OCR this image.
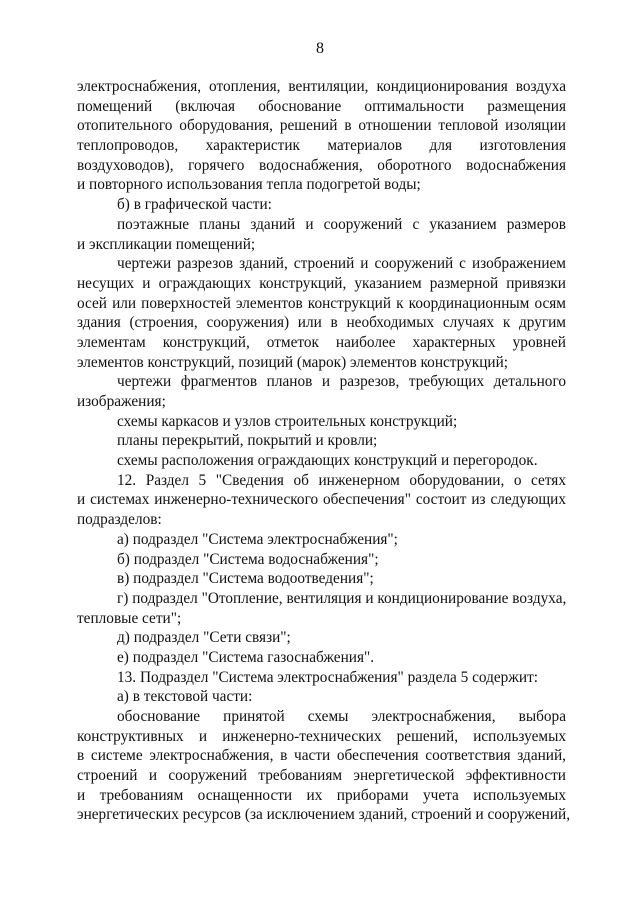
8
электроснабжения, отопления, вентиляции, кондиционирования воздуха
помещений (включая обоснование оптимальности размещения
отопительного оборудования, решений в отношении тепловой изоляции
теплопроводов, характеристик материалов для изготовления
воздуховодов), горячего водоснабжения, оборотного водоснабжения
и повторного использования тепла подогретой воды;
б) в графической части:
поэтажные планы зданий и сооружений с указанием размеров
и экспликации помещений;
чертежи разрезов зданий, строений и сооружений с изображением
несущих и ограждающих конструкций, указанием размерной привязки
осей или поверхностей элементов конструкций к координационным осям
здания (строения, сооружения) или в необходимых случаях к другим
элементам конструкций, отметок наиболее характерных уровней
элементов конструкций, позиций (марок) элементов конструкций;
чертежи фрагментов планов и разрезов, требующих детального
изображения;
схемы каркасов и узлов строительных конструкций;
планы перекрытий, покрытий и кровли;
схемы расположения ограждающих конструкций и перегородок.
12. Раздел 5 "Сведения об инженерном оборудовании, о сетях
и системах инженерно-технического обеспечения" состоит из следующих
подразделов:
а) подраздел "Система электроснабжения";
б) подраздел "Система водоснабжения";
в) подраздел "Система водоотведения";
г) подраздел "Отопление, вентиляция и кондиционирование воздуха,
тепловые сети";
д) подраздел "Сети связи";
е) подраздел "Система газоснабжения".
13. Подраздел "Система электроснабжения" раздела 5 содержит:
а) в текстовой части:
обоснование принятой схемы электроснабжения, выбора
конструктивных и инженерно-технических решений, используемых
в системе электроснабжения, в части обеспечения соответствия зданий,
строений и сооружений требованиям энергетической эффективности
и требованиям оснащенности их приборами учета используемых
энергетических ресурсов (за исключением зданий, строений и сооружений,
